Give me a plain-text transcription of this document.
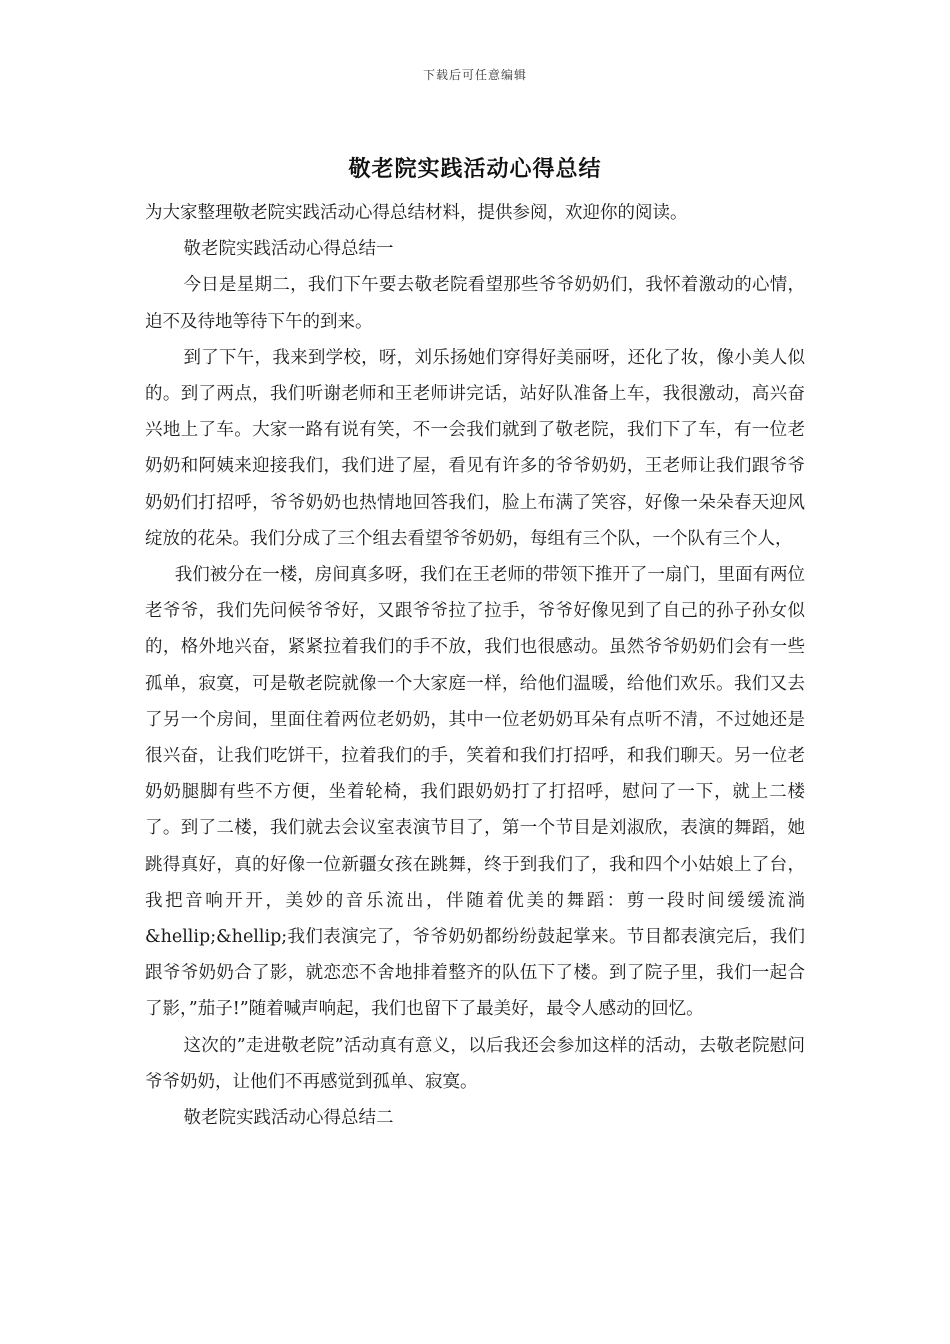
下载后可任意编辑
敬老院实践活动心得总结

为大家整理敬老院实践活动心得总结材料，提供参阅，欢迎你的阅读。

敬老院实践活动心得总结一

今日是星期二，我们下午要去敬老院看望那些爷爷奶奶们，我怀着激动的心情，迫不及待地等待下午的到来。

到了下午，我来到学校，呀，刘乐扬她们穿得好美丽呀，还化了妆，像小美人似的。到了两点，我们听谢老师和王老师讲完话，站好队准备上车，我很激动，高兴奋兴地上了车。大家一路有说有笑，不一会我们就到了敬老院，我们下了车，有一位老奶奶和阿姨来迎接我们，我们进了屋，看见有许多的爷爷奶奶，王老师让我们跟爷爷奶奶们打招呼，爷爷奶奶也热情地回答我们，脸上布满了笑容，好像一朵朵春天迎风绽放的花朵。我们分成了三个组去看望爷爷奶奶，每组有三个队，一个队有三个人，

我们被分在一楼，房间真多呀，我们在王老师的带领下推开了一扇门，里面有两位老爷爷，我们先问候爷爷好，又跟爷爷拉了拉手，爷爷好像见到了自己的孙子孙女似的，格外地兴奋，紧紧拉着我们的手不放，我们也很感动。虽然爷爷奶奶们会有一些孤单，寂寞，可是敬老院就像一个大家庭一样，给他们温暖，给他们欢乐。我们又去了另一个房间，里面住着两位老奶奶，其中一位老奶奶耳朵有点听不清，不过她还是很兴奋，让我们吃饼干，拉着我们的手，笑着和我们打招呼，和我们聊天。另一位老奶奶腿脚有些不方便，坐着轮椅，我们跟奶奶打了打招呼，慰问了一下，就上二楼了。到了二楼，我们就去会议室表演节目了，第一个节目是刘淑欣，表演的舞蹈，她跳得真好，真的好像一位新疆女孩在跳舞，终于到我们了，我和四个小姑娘上了台，我把音响开开，美妙的音乐流出，伴随着优美的舞蹈：剪一段时间缓缓流淌&hellip;&hellip;我们表演完了，爷爷奶奶都纷纷鼓起掌来。节目都表演完后，我们跟爷爷奶奶合了影，就恋恋不舍地排着整齐的队伍下了楼。到了院子里，我们一起合了影，”茄子!”随着喊声响起，我们也留下了最美好，最令人感动的回忆。

这次的”走进敬老院”活动真有意义，以后我还会参加这样的活动，去敬老院慰问爷爷奶奶，让他们不再感觉到孤单、寂寞。

敬老院实践活动心得总结二
